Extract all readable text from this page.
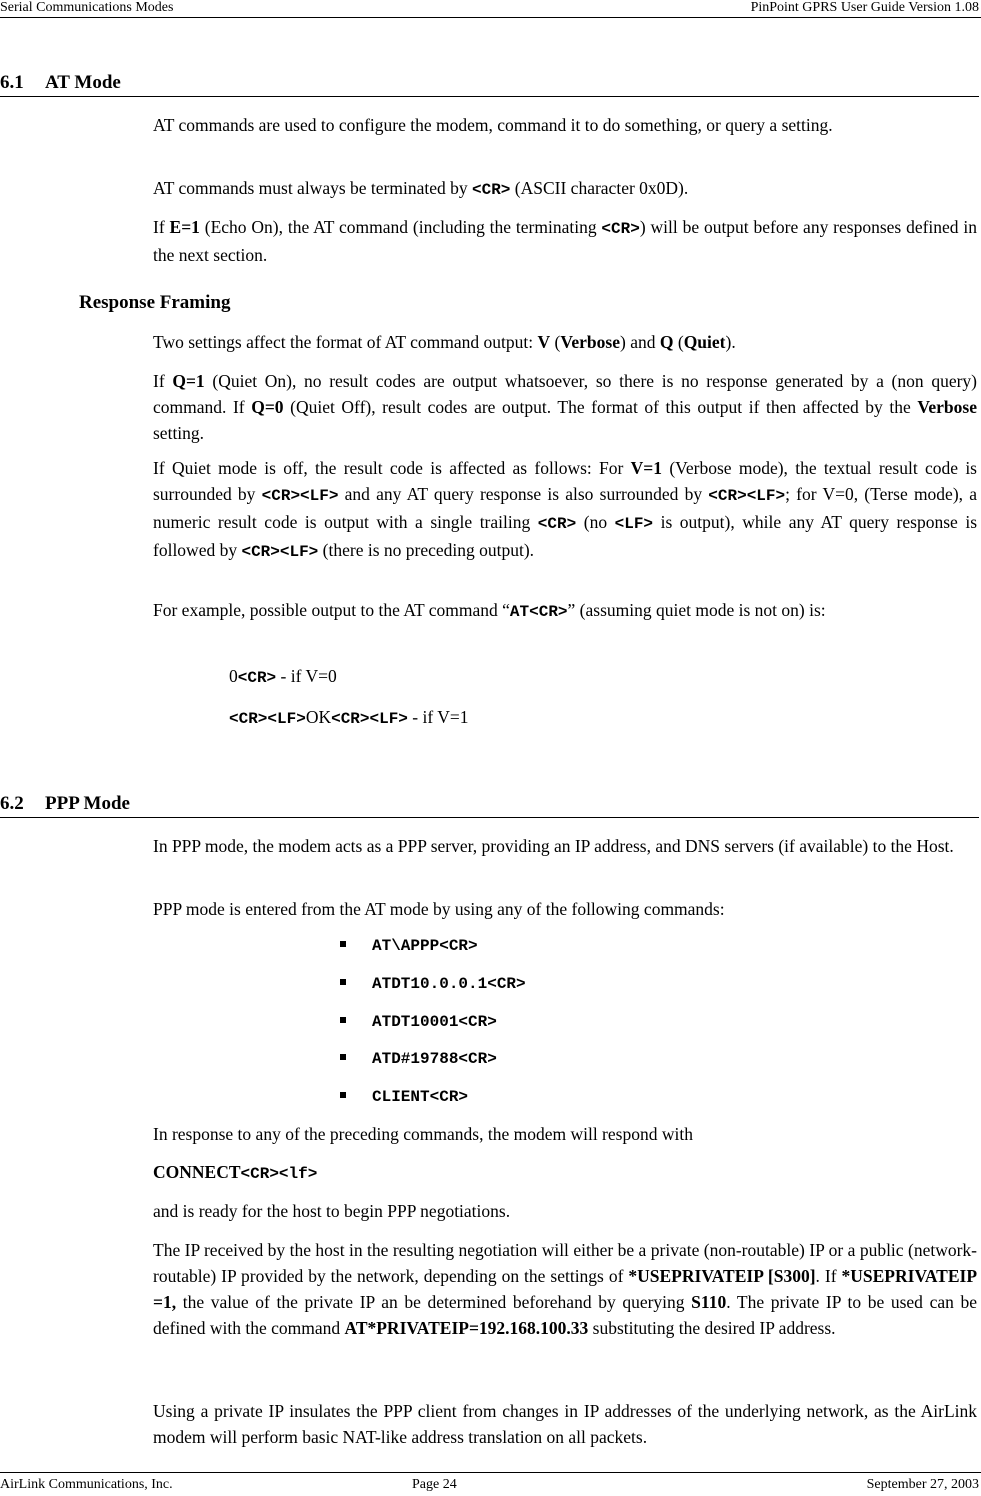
Serial Communications Modes	PinPoint GPRS User Guide Version 1.08
6.1 AT Mode

AT commands are used to configure the modem, command it to do something, or query a setting.

AT commands must always be terminated by <CR> (ASCII character 0x0D).

If E=1 (Echo On), the AT command (including the terminating <CR>) will be output before any responses defined in the next section.

Response Framing

Two settings affect the format of AT command output: V (Verbose) and Q (Quiet).

If Q=1 (Quiet On), no result codes are output whatsoever, so there is no response generated by a (non query) command. If Q=0 (Quiet Off), result codes are output. The format of this output if then affected by the Verbose setting.

If Quiet mode is off, the result code is affected as follows: For V=1 (Verbose mode), the textual result code is surrounded by <CR><LF> and any AT query response is also surrounded by <CR><LF>; for V=0, (Terse mode), a numeric result code is output with a single trailing <CR> (no <LF> is output), while any AT query response is followed by <CR><LF> (there is no preceding output).

For example, possible output to the AT command “AT<CR>” (assuming quiet mode is not on) is:

0<CR> - if V=0
<CR><LF>OK<CR><LF> - if V=1
6.2 PPP Mode

In PPP mode, the modem acts as a PPP server, providing an IP address, and DNS servers (if available) to the Host.

PPP mode is entered from the AT mode by using any of the following commands:

AT\APPP<CR>
ATDT10.0.0.1<CR>
ATDT10001<CR>
ATD#19788<CR>
CLIENT<CR>

In response to any of the preceding commands, the modem will respond with

CONNECT<CR><lf>

and is ready for the host to begin PPP negotiations.

The IP received by the host in the resulting negotiation will either be a private (non-routable) IP or a public (network-routable) IP provided by the network, depending on the settings of *USEPRIVATEIP [S300]. If *USEPRIVATEIP =1, the value of the private IP an be determined beforehand by querying S110. The private IP to be used can be defined with the command AT*PRIVATEIP=192.168.100.33 substituting the desired IP address.

Using a private IP insulates the PPP client from changes in IP addresses of the underlying network, as the AirLink modem will perform basic NAT-like address translation on all packets.

AirLink Communications, Inc.	Page 24	September 27, 2003
